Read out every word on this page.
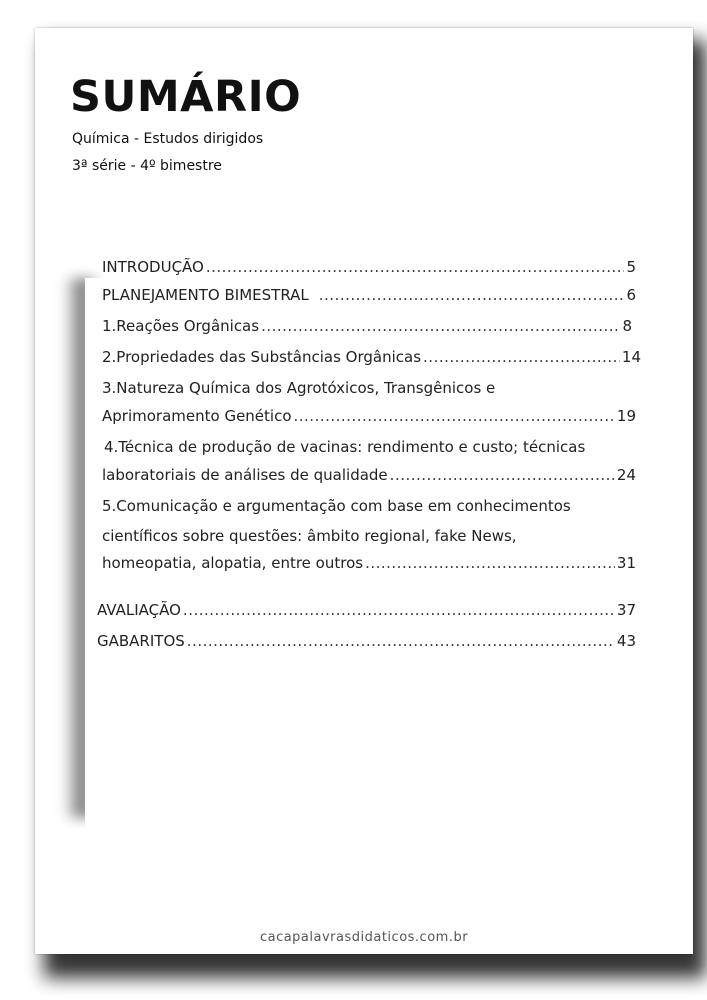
SUMÁRIO
Química - Estudos dirigidos
3ª série - 4º bimestre
INTRODUÇÃO .....	5
PLANEJAMENTO BIMESTRAL .....	6
1.Reações Orgânicas .....	8
2.Propriedades das Substâncias Orgânicas .....	14
3.Natureza Química dos Agrotóxicos, Transgênicos e
Aprimoramento Genético .....	19
4.Técnica de produção de vacinas: rendimento e custo; técnicas
laboratoriais de análises de qualidade .....	24
5.Comunicação e argumentação com base em conhecimentos
científicos sobre questões: âmbito regional, fake News,
homeopatia, alopatia, entre outros .....	31
AVALIAÇÃO .....	37
GABARITOS .....	43
cacapalavrasdidaticos.com.br
